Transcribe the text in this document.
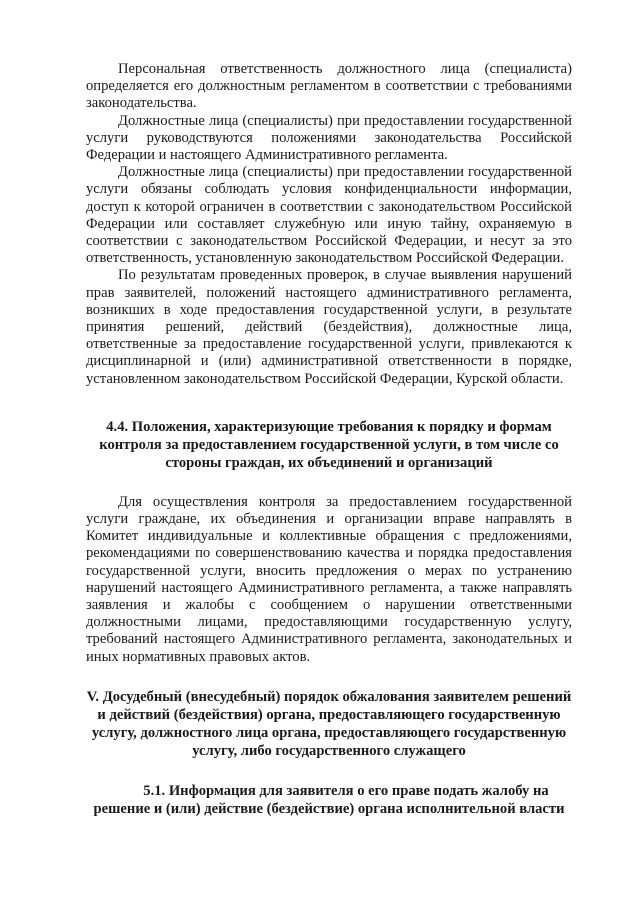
Персональная ответственность должностного лица (специалиста) определяется его должностным регламентом в соответствии с требованиями законодательства.

Должностные лица (специалисты) при предоставлении государственной услуги руководствуются положениями законодательства Российской Федерации и настоящего Административного регламента.

Должностные лица (специалисты) при предоставлении государственной услуги обязаны соблюдать условия конфиденциальности информации, доступ к которой ограничен в соответствии с законодательством Российской Федерации или составляет служебную или иную тайну, охраняемую в соответствии с законодательством Российской Федерации, и несут за это ответственность, установленную законодательством Российской Федерации.

По результатам проведенных проверок, в случае выявления нарушений прав заявителей, положений настоящего административного регламента, возникших в ходе предоставления государственной услуги, в результате принятия решений, действий (бездействия), должностные лица, ответственные за предоставление государственной услуги, привлекаются к дисциплинарной и (или) административной ответственности в порядке, установленном законодательством Российской Федерации, Курской области.

4.4. Положения, характеризующие требования к порядку и формам контроля за предоставлением государственной услуги, в том числе со стороны граждан, их объединений и организаций

Для осуществления контроля за предоставлением государственной услуги граждане, их объединения и организации вправе направлять в Комитет индивидуальные и коллективные обращения с предложениями, рекомендациями по совершенствованию качества и порядка предоставления государственной услуги, вносить предложения о мерах по устранению нарушений настоящего Административного регламента, а также направлять заявления и жалобы с сообщением о нарушении ответственными должностными лицами, предоставляющими государственную услугу, требований настоящего Административного регламента, законодательных и иных нормативных правовых актов.

V. Досудебный (внесудебный) порядок обжалования заявителем решений и действий (бездействия) органа, предоставляющего государственную услугу, должностного лица органа, предоставляющего государственную услугу, либо государственного служащего
5.1. Информация для заявителя о его праве подать жалобу на
решение и (или) действие (бездействие) органа исполнительной власти
